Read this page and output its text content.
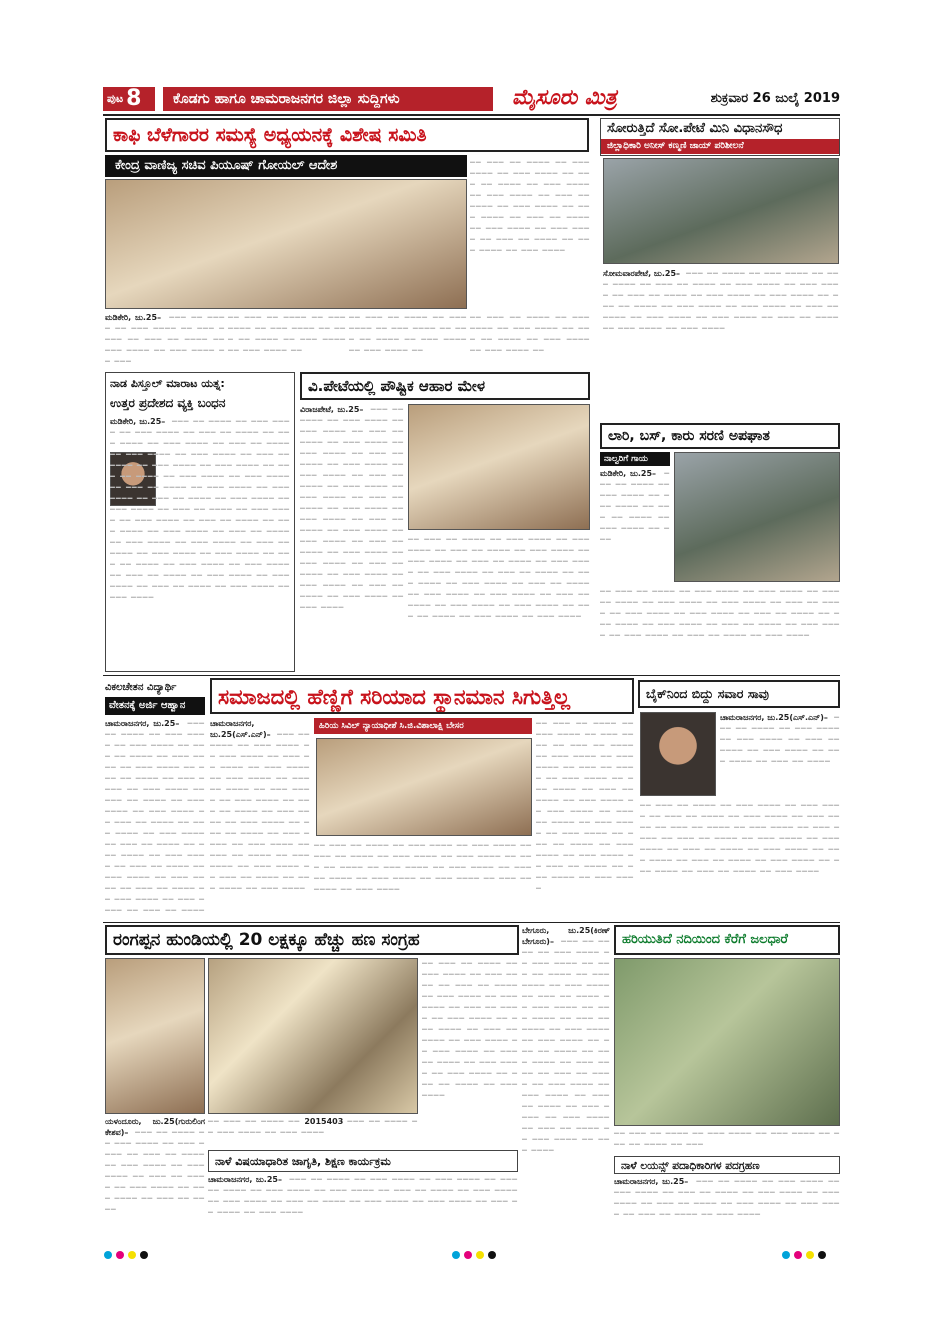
ಪುಟ 8	ಕೊಡಗು ಹಾಗೂ ಚಾಮರಾಜನಗರ ಜಿಲ್ಲಾ ಸುದ್ದಿಗಳು	ಮೈಸೂರು ಮಿತ್ರ	ಶುಕ್ರವಾರ 26 ಜುಲೈ 2019
ಕಾಫಿ ಬೆಳೆಗಾರರ ಸಮಸ್ಯೆ ಅಧ್ಯಯನಕ್ಕೆ ವಿಶೇಷ ಸಮಿತಿ
ಕೇಂದ್ರ ವಾಣಿಜ್ಯ ಸಚಿವ ಪಿಯೂಷ್ ಗೋಯಲ್ ಆದೇಶ	━━ ━━━ ━━ ━━━━ ━━ ━━━ ━━━━ ━━ ━━━ ━━━━ ━━ ━━━ ━━ ━━━━ ━━ ━━━ ━━━━ ━━ ━━━ ━━━━ ━━ ━━━ ━━ ━━━━ ━━ ━━━ ━━━━ ━━ ━━━ ━━━━ ━━ ━━━ ━━ ━━━━ ━━ ━━━ ━━━━ ━━ ━━━ ━━━━ ━━ ━━━ ━━ ━━━━ ━━ ━━━ ━━━━ ━━ ━━━ ━━━━
ಮಡಿಕೇರಿ, ಜು.25–  ━━━ ━━ ━━━━ ━━ ━━━ ━━━━ ━━ ━━━ ━━━━ ━━ ━━━ ━━ ━━━━ ━━ ━━━ ━━━━ ━━ ━━━ ━━━━ ━━ ━━━
━━ ━━━ ━━ ━━━━ ━━ ━━━ ━━━━ ━━ ━━━ ━━━━ ━━ ━━━ ━━ ━━━━ ━━ ━━━ ━━━━ ━━ ━━━ ━━━━ ━━
━━ ━━━ ━━ ━━━━ ━━ ━━━ ━━━━ ━━ ━━━ ━━━━ ━━ ━━━ ━━ ━━━━ ━━ ━━━ ━━━━ ━━ ━━━ ━━━━ ━━
━━ ━━━ ━━ ━━━━ ━━ ━━━ ━━━━ ━━ ━━━ ━━━━ ━━ ━━━ ━━ ━━━━ ━━ ━━━ ━━━━ ━━ ━━━ ━━━━ ━━
ಸೋರುತ್ತಿದೆ ಸೋ.ಪೇಟೆ ಮಿನಿ ವಿಧಾನಸೌಧ
ಜಿಲ್ಲಾಧಿಕಾರಿ ಅನೀಸ್ ಕಣ್ಮಣಿ ಜಾಯ್ ಪರಿಶೀಲನೆ
ಸೋಮವಾರಪೇಟೆ, ಜು.25–  ━━━ ━━ ━━━━ ━━ ━━━ ━━━━ ━━ ━━━ ━━━━ ━━ ━━━ ━━ ━━━━ ━━ ━━━ ━━━━ ━━ ━━━ ━━━━ ━━ ━━━ ━━ ━━━━ ━━ ━━━ ━━━━ ━━ ━━━ ━━━━ ━━ ━━━ ━━ ━━━━ ━━ ━━━ ━━━━ ━━ ━━━ ━━━━ ━━ ━━━ ━━ ━━━━ ━━ ━━━ ━━━━ ━━ ━━━ ━━━━ ━━ ━━━ ━━ ━━━━ ━━ ━━━ ━━━━ ━━ ━━━ ━━━━
ನಾಡ ಪಿಸ್ತೂಲ್ ಮಾರಾಟ ಯತ್ನ:
ಉತ್ತರ ಪ್ರದೇಶದ ವ್ಯಕ್ತಿ ಬಂಧನ
ಮಡಿಕೇರಿ, ಜು.25–  ━━━ ━━ ━━━━ ━━ ━━━ ━━━━ ━━ ━━━ ━━━━ ━━ ━━━ ━━ ━━━━ ━━ ━━━ ━━━━ ━━ ━━━ ━━━━ ━━ ━━━ ━━ ━━━━ ━━ ━━━ ━━━━ ━━ ━━━ ━━━━ ━━ ━━━ ━━ ━━━━ ━━ ━━━ ━━━━ ━━ ━━━ ━━━━ ━━ ━━━ ━━ ━━━━ ━━ ━━━ ━━━━ ━━ ━━━ ━━━━ ━━ ━━━ ━━ ━━━━ ━━ ━━━ ━━━━ ━━ ━━━ ━━━━ ━━ ━━━ ━━ ━━━━ ━━ ━━━ ━━━━ ━━ ━━━ ━━━━ ━━ ━━━ ━━ ━━━━ ━━ ━━━ ━━━━ ━━ ━━━ ━━━━ ━━ ━━━ ━━ ━━━━ ━━ ━━━ ━━━━ ━━ ━━━ ━━━━ ━━ ━━━ ━━ ━━━━ ━━ ━━━ ━━━━ ━━ ━━━ ━━━━ ━━ ━━━ ━━ ━━━━ ━━ ━━━ ━━━━ ━━ ━━━ ━━━━ ━━ ━━━ ━━ ━━━━ ━━ ━━━ ━━━━ ━━ ━━━ ━━━━ ━━ ━━━ ━━ ━━━━ ━━ ━━━ ━━━━ ━━ ━━━ ━━━━ ━━ ━━━ ━━ ━━━━ ━━ ━━━ ━━━━ ━━ ━━━ ━━━━
ವಿ.ಪೇಟೆಯಲ್ಲಿ ಪೌಷ್ಟಿಕ ಆಹಾರ ಮೇಳ
ವಿರಾಜಪೇಟೆ, ಜು.25–  ━━━ ━━ ━━━━ ━━ ━━━ ━━━━ ━━ ━━━ ━━━━ ━━ ━━━ ━━ ━━━━ ━━ ━━━ ━━━━ ━━ ━━━ ━━━━ ━━ ━━━ ━━ ━━━━ ━━ ━━━ ━━━━ ━━ ━━━ ━━━━ ━━ ━━━ ━━ ━━━━ ━━ ━━━ ━━━━ ━━ ━━━ ━━━━ ━━ ━━━ ━━ ━━━━ ━━ ━━━ ━━━━ ━━ ━━━ ━━━━ ━━ ━━━ ━━ ━━━━ ━━ ━━━ ━━━━ ━━ ━━━ ━━━━ ━━ ━━━ ━━ ━━━━ ━━ ━━━ ━━━━ ━━ ━━━ ━━━━ ━━ ━━━ ━━ ━━━━ ━━ ━━━ ━━━━ ━━ ━━━ ━━━━ ━━ ━━━ ━━ ━━━━ ━━ ━━━ ━━━━ ━━ ━━━ ━━━━
━━ ━━━ ━━ ━━━━ ━━ ━━━ ━━━━ ━━ ━━━ ━━━━ ━━ ━━━ ━━ ━━━━ ━━ ━━━ ━━━━ ━━ ━━━ ━━━━ ━━ ━━━ ━━ ━━━━ ━━ ━━━ ━━━━ ━━ ━━━ ━━━━ ━━ ━━━ ━━ ━━━━ ━━ ━━━ ━━━━ ━━ ━━━ ━━━━ ━━ ━━━ ━━ ━━━━ ━━ ━━━ ━━━━ ━━ ━━━ ━━━━ ━━ ━━━ ━━ ━━━━ ━━ ━━━ ━━━━ ━━ ━━━ ━━━━ ━━ ━━━ ━━ ━━━━ ━━ ━━━ ━━━━ ━━ ━━━ ━━━━
ಲಾರಿ, ಬಸ್, ಕಾರು ಸರಣಿ ಅಪಘಾತ
ನಾಲ್ವರಿಗೆ ಗಾಯ
ಮಡಿಕೇರಿ, ಜು.25–  ━━━ ━━ ━━━━ ━━ ━━━ ━━━━ ━━ ━━━ ━━━━ ━━ ━━━ ━━ ━━━━ ━━ ━━━ ━━━━ ━━ ━━━
━━ ━━━ ━━ ━━━━ ━━ ━━━ ━━━━ ━━ ━━━ ━━━━ ━━ ━━━ ━━ ━━━━ ━━ ━━━ ━━━━ ━━ ━━━ ━━━━ ━━ ━━━ ━━ ━━━━ ━━ ━━━ ━━━━ ━━ ━━━ ━━━━ ━━ ━━━ ━━ ━━━━ ━━ ━━━ ━━━━ ━━ ━━━ ━━━━ ━━ ━━━ ━━ ━━━━ ━━ ━━━ ━━━━ ━━ ━━━ ━━━━ ━━ ━━━ ━━ ━━━━ ━━ ━━━ ━━━━
ವಿಕಲಚೇತನ ವಿದ್ಯಾರ್ಥಿ
ವೇತನಕ್ಕೆ ಅರ್ಜಿ ಆಹ್ವಾನ
ಚಾಮರಾಜನಗರ, ಜು.25–  ━━━ ━━ ━━━━ ━━ ━━━ ━━━━ ━━ ━━━ ━━━━ ━━ ━━━ ━━ ━━━━ ━━ ━━━ ━━━━ ━━ ━━━ ━━━━ ━━ ━━━ ━━ ━━━━ ━━ ━━━ ━━━━ ━━ ━━━ ━━━━ ━━ ━━━ ━━ ━━━━ ━━ ━━━ ━━━━ ━━ ━━━ ━━━━ ━━ ━━━ ━━ ━━━━ ━━ ━━━ ━━━━ ━━ ━━━ ━━━━ ━━ ━━━ ━━ ━━━━ ━━ ━━━ ━━━━ ━━ ━━━ ━━━━ ━━ ━━━ ━━ ━━━━ ━━ ━━━ ━━━━ ━━ ━━━ ━━━━ ━━ ━━━ ━━ ━━━━ ━━ ━━━ ━━━━ ━━ ━━━ ━━━━ ━━ ━━━ ━━ ━━━━
ಸಮಾಜದಲ್ಲಿ ಹೆಣ್ಣಿಗೆ ಸರಿಯಾದ ಸ್ಥಾನಮಾನ ಸಿಗುತ್ತಿಲ್ಲ
ಚಾಮರಾಜನಗರ, ಜು.25(ಎಸ್.ಎನ್)–  ━━━ ━━ ━━━━ ━━ ━━━ ━━━━ ━━ ━━━ ━━━━ ━━ ━━━ ━━ ━━━━ ━━ ━━━ ━━━━ ━━ ━━━ ━━━━ ━━ ━━━ ━━ ━━━━ ━━ ━━━ ━━━━ ━━ ━━━ ━━━━ ━━ ━━━ ━━ ━━━━ ━━ ━━━ ━━━━ ━━ ━━━ ━━━━ ━━ ━━━ ━━ ━━━━ ━━ ━━━ ━━━━ ━━ ━━━ ━━━━ ━━ ━━━ ━━ ━━━━ ━━ ━━━ ━━━━ ━━ ━━━ ━━━━ ━━ ━━━ ━━ ━━━━ ━━ ━━━ ━━━━ ━━ ━━━ ━━━━
ಹಿರಿಯ ಸಿವಿಲ್ ನ್ಯಾಯಾಧೀಶೆ ಸಿ.ಜಿ.ವಿಶಾಲಾಕ್ಷಿ ಬೇಸರ
━━ ━━━ ━━ ━━━━ ━━ ━━━ ━━━━ ━━ ━━━ ━━━━ ━━ ━━━ ━━ ━━━━ ━━ ━━━ ━━━━ ━━ ━━━ ━━━━ ━━ ━━━ ━━ ━━━━ ━━ ━━━ ━━━━ ━━ ━━━ ━━━━ ━━ ━━━ ━━ ━━━━ ━━ ━━━ ━━━━ ━━ ━━━ ━━━━ ━━ ━━━ ━━ ━━━━ ━━ ━━━ ━━━━
━━ ━━━ ━━ ━━━━ ━━ ━━━ ━━━━ ━━ ━━━ ━━━━ ━━ ━━━ ━━ ━━━━ ━━ ━━━ ━━━━ ━━ ━━━ ━━━━ ━━ ━━━ ━━ ━━━━ ━━ ━━━ ━━━━ ━━ ━━━ ━━━━ ━━ ━━━ ━━ ━━━━ ━━ ━━━ ━━━━ ━━ ━━━ ━━━━ ━━ ━━━ ━━ ━━━━ ━━ ━━━ ━━━━ ━━ ━━━ ━━━━ ━━ ━━━ ━━ ━━━━ ━━ ━━━ ━━━━ ━━ ━━━ ━━━━ ━━ ━━━ ━━ ━━━━ ━━ ━━━ ━━━━ ━━ ━━━ ━━━━
ಬೈಕ್‌ನಿಂದ ಬಿದ್ದು ಸವಾರ ಸಾವು
ಚಾಮರಾಜನಗರ, ಜು.25(ಎಸ್.ಎನ್)–  ━━━ ━━ ━━━━ ━━ ━━━ ━━━━ ━━ ━━━ ━━━━ ━━ ━━━ ━━ ━━━━ ━━ ━━━ ━━━━ ━━ ━━━ ━━━━ ━━ ━━━ ━━ ━━━━
━━ ━━━ ━━ ━━━━ ━━ ━━━ ━━━━ ━━ ━━━ ━━━━ ━━ ━━━ ━━ ━━━━ ━━ ━━━ ━━━━ ━━ ━━━ ━━━━ ━━ ━━━ ━━ ━━━━ ━━ ━━━ ━━━━ ━━ ━━━ ━━━━ ━━ ━━━ ━━ ━━━━ ━━ ━━━ ━━━━ ━━ ━━━ ━━━━ ━━ ━━━ ━━ ━━━━ ━━ ━━━ ━━━━ ━━ ━━━ ━━━━ ━━ ━━━ ━━ ━━━━ ━━ ━━━ ━━━━ ━━ ━━━ ━━━━ ━━ ━━━ ━━ ━━━━ ━━ ━━━ ━━━━
ರಂಗಪ್ಪನ ಹುಂಡಿಯಲ್ಲಿ 20 ಲಕ್ಷಕ್ಕೂ ಹೆಚ್ಚು ಹಣ ಸಂಗ್ರಹ
ಯಳಂದೂರು, ಜು.25(ಗುರುಲಿಂಗ ಕೇಶವ)–  ━━━ ━━ ━━━━ ━━ ━━━ ━━━━ ━━ ━━━ ━━━━ ━━ ━━━ ━━ ━━━━ ━━ ━━━ ━━━━ ━━ ━━━ ━━━━ ━━ ━━━ ━━ ━━━━ ━━ ━━━ ━━━━ ━━ ━━━ ━━━━ ━━ ━━━ ━━ ━━━━
━━ ━━━ ━━ ━━━━ ━━ 2015403 ━━━ ━━ ━━━━ ━━ ━━━ ━━━━ ━━ ━━━ ━━━━
━━ ━━━ ━━ ━━━━ ━━ ━━━ ━━━━ ━━ ━━━ ━━━━ ━━ ━━━ ━━ ━━━━ ━━ ━━━ ━━━━ ━━ ━━━ ━━━━ ━━ ━━━ ━━ ━━━━ ━━ ━━━ ━━━━ ━━ ━━━ ━━━━ ━━ ━━━ ━━ ━━━━ ━━ ━━━ ━━━━ ━━ ━━━ ━━━━ ━━ ━━━ ━━ ━━━━ ━━ ━━━ ━━━━ ━━ ━━━ ━━━━ ━━ ━━━ ━━ ━━━━ ━━ ━━━ ━━━━
ಹರಿಯುತಿದೆ ನದಿಯಿಂದ ಕೆರೆಗೆ ಜಲಧಾರೆ
ಬೇಗೂರು, ಜು.25(ಕಿರಣ್ ಬೇಗೂರು)–  ━━━ ━━ ━━━━ ━━ ━━━ ━━━━ ━━ ━━━ ━━━━ ━━ ━━━ ━━ ━━━━ ━━ ━━━ ━━━━ ━━ ━━━ ━━━━ ━━ ━━━ ━━ ━━━━ ━━ ━━━ ━━━━ ━━ ━━━ ━━━━ ━━ ━━━ ━━ ━━━━ ━━ ━━━ ━━━━ ━━ ━━━ ━━━━ ━━ ━━━ ━━ ━━━━ ━━ ━━━ ━━━━ ━━ ━━━ ━━━━ ━━ ━━━ ━━ ━━━━ ━━ ━━━ ━━━━ ━━ ━━━ ━━━━ ━━ ━━━ ━━ ━━━━ ━━ ━━━ ━━━━ ━━ ━━━ ━━━━ ━━ ━━━ ━━ ━━━━ ━━ ━━━ ━━━━ ━━ ━━━ ━━━━
━━ ━━━ ━━ ━━━━ ━━ ━━━ ━━━━ ━━ ━━━ ━━━━ ━━ ━━━ ━━ ━━━━ ━━ ━━━
ನಾಳೆ ವಿಷಯಾಧಾರಿತ ಜಾಗೃತಿ, ಶಿಕ್ಷಣ ಕಾರ್ಯಕ್ರಮ
ಚಾಮರಾಜನಗರ, ಜು.25–  ━━━ ━━ ━━━━ ━━ ━━━ ━━━━ ━━ ━━━ ━━━━ ━━ ━━━ ━━ ━━━━ ━━ ━━━ ━━━━ ━━ ━━━ ━━━━ ━━ ━━━ ━━ ━━━━ ━━ ━━━ ━━━━ ━━ ━━━ ━━━━ ━━ ━━━ ━━ ━━━━ ━━ ━━━ ━━━━ ━━ ━━━ ━━━━ ━━ ━━━ ━━ ━━━━ ━━ ━━━ ━━━━
ನಾಳೆ ಲಯನ್ಸ್ ಪದಾಧಿಕಾರಿಗಳ ಪದಗ್ರಹಣ
ಚಾಮರಾಜನಗರ, ಜು.25–  ━━━ ━━ ━━━━ ━━ ━━━ ━━━━ ━━ ━━━ ━━━━ ━━ ━━━ ━━ ━━━━ ━━ ━━━ ━━━━ ━━ ━━━ ━━━━ ━━ ━━━ ━━ ━━━━ ━━ ━━━ ━━━━ ━━ ━━━ ━━━━ ━━ ━━━ ━━ ━━━━ ━━ ━━━ ━━━━
